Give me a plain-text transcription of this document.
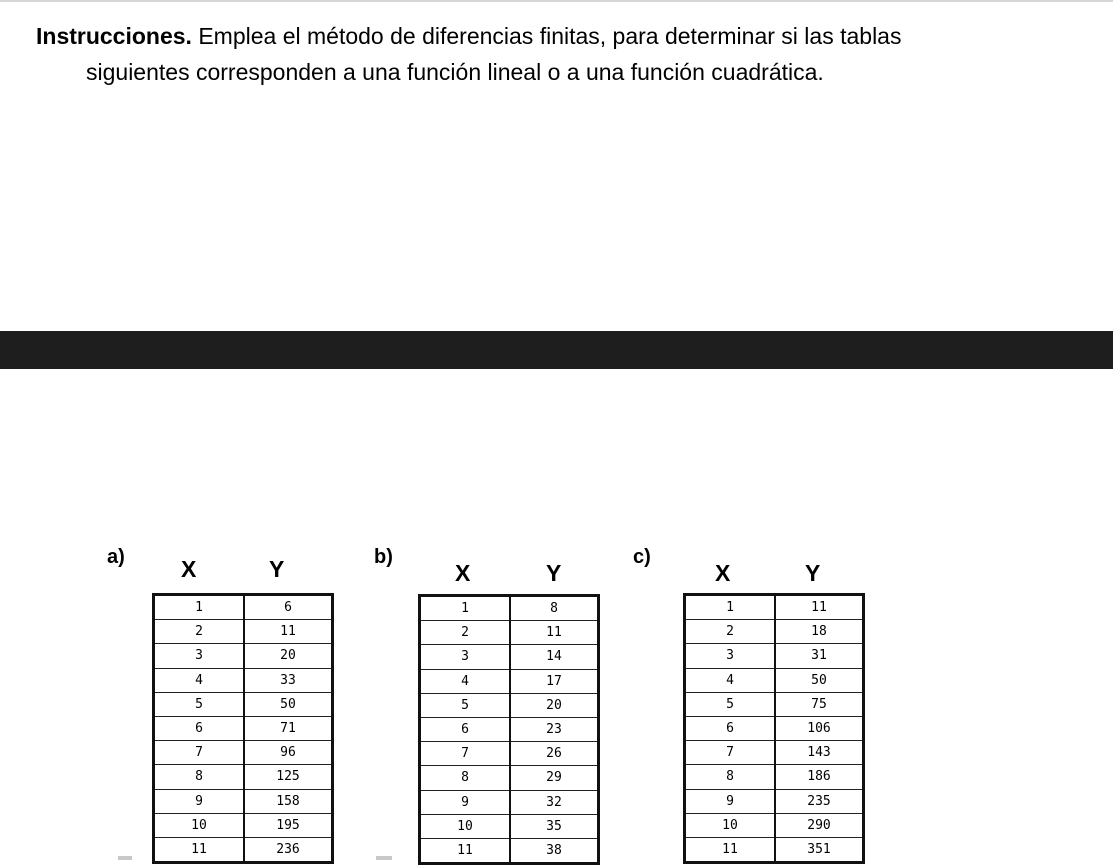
Instrucciones. Emplea el método de diferencias finitas, para determinar si las tablas
siguientes corresponden a una función lineal o a una función cuadrática.
a) X	Y
1	6
2	11
3	20
4	33
5	50
6	71
7	96
8	125
9	158
10	195
11	236
b)
X	Y
1	8
2	11
3	14
4	17
5	20
6	23
7	26
8	29
9	32
10	35
11	38
c)
X	Y
1	11
2	18
3	31
4	50
5	75
6	106
7	143
8	186
9	235
10	290
11	351
